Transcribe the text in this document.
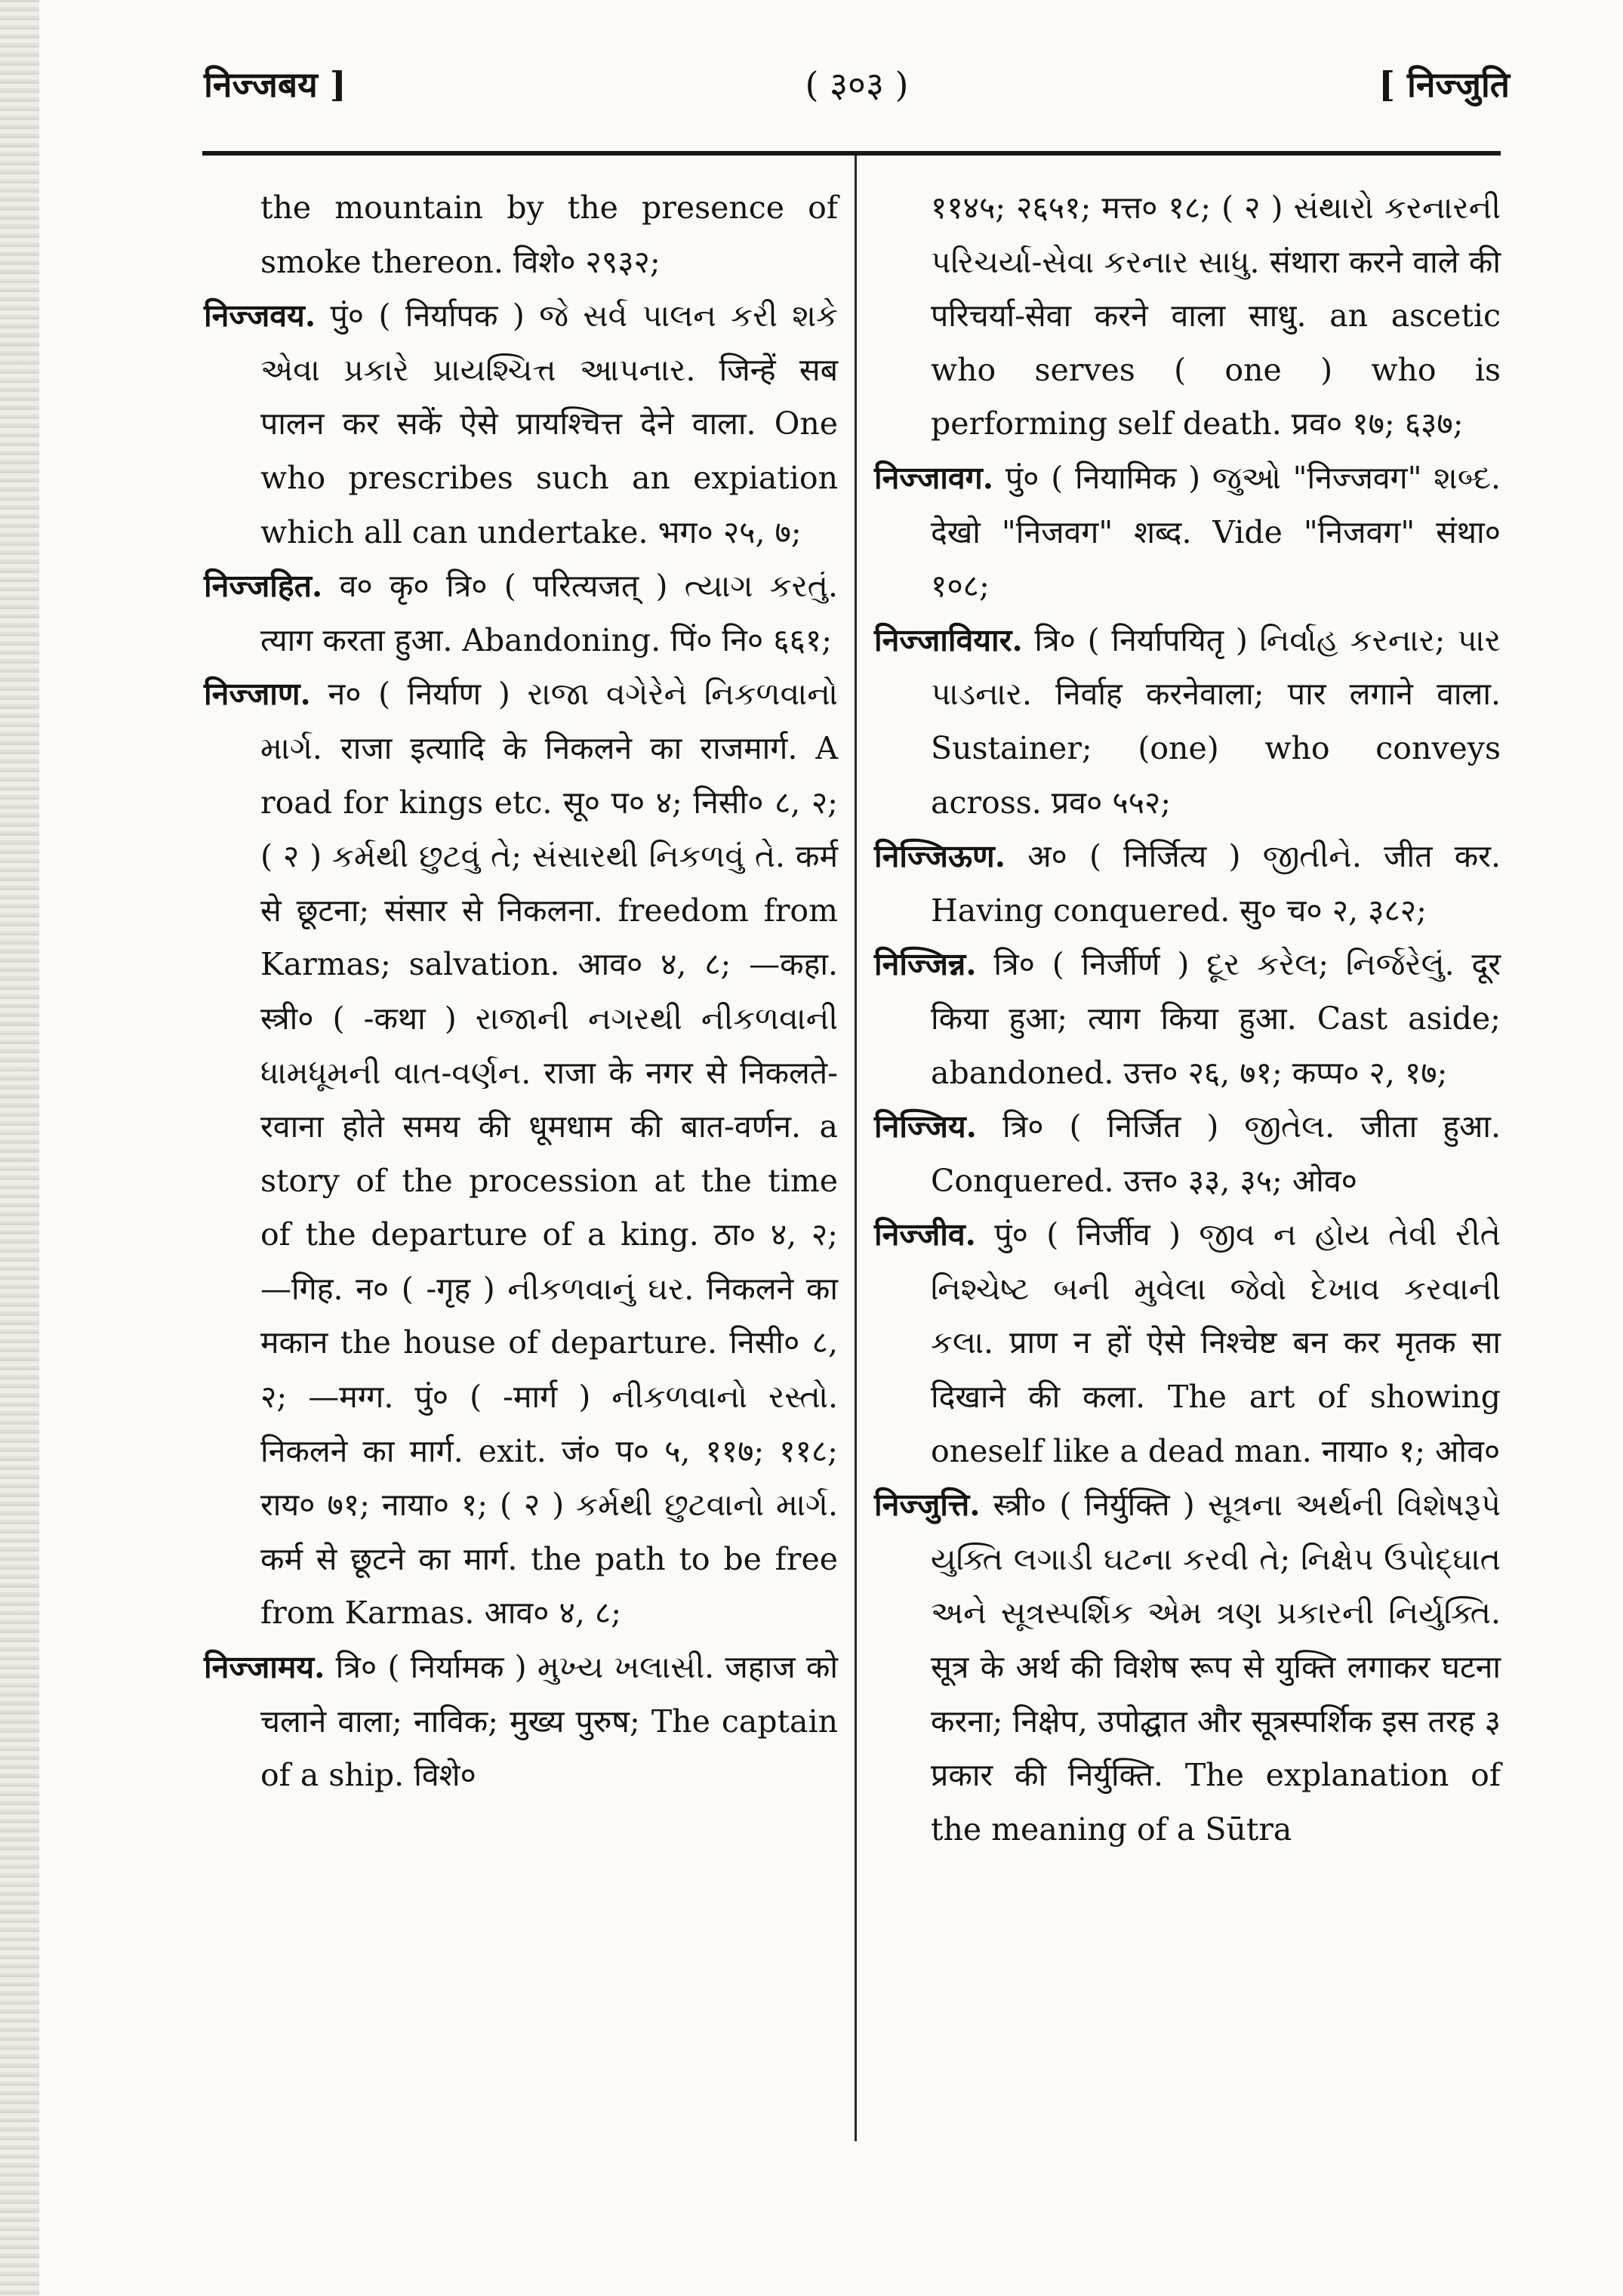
निज्जबय ]	( ३०३ )	[ निज्जुति
the mountain by the presence of smoke thereon. विशे० २९३२;
निज्जवय. पुं० ( निर्यापक ) જે સર્વ પાલન કરી શકે એવા પ્રકારે પ્રાયશ્ચિત્ત આપનાર. जिन्हें सब पालन कर सकें ऐसे प्रायश्चित्त देने वाला. One who prescribes such an expiation which all can undertake. भग० २५, ७;
निज्जहित. व० कृ० त्रि० ( परित्यजत् ) ત્યાગ કરતું. त्याग करता हुआ. Abandoning. पिं० नि० ६६१;
निज्जाण. न० ( निर्याण ) રાજા વગેરેને નિકળવાનો માર્ગ. राजा इत्यादि के निकलने का राजमार्ग. A road for kings etc. सू० प० ४; निसी० ८, २; ( २ ) કર્મથી છુટવું તે; સંસારથી નિકળવું તે. कर्म से छूटना; संसार से निकलना. freedom from Karmas; salvation. आव० ४, ८; —कहा. स्त्री० ( -कथा ) રાજાની નગરથી નીકળવાની ધામધૂમની વાત-વર્ણન. राजा के नगर से निकलते-रवाना होते समय की धूमधाम की बात-वर्णन. a story of the procession at the time of the departure of a king. ठा० ४, २; —गिह. न० ( -गृह ) નીકળવાનું ઘર. निकलने का मकान the house of departure. निसी० ८, २; —मग्ग. पुं० ( -मार्ग ) નીકળવાનો રસ્તો. निकलने का मार्ग. exit. जं० प० ५, ११७; ११८; राय० ७१; नाया० १; ( २ ) કર્મથી છુટવાનો માર્ગ. कर्म से छूटने का मार्ग. the path to be free from Karmas. आव० ४, ८;
निज्जामय. त्रि० ( निर्यामक ) મુખ્ય ખલાસી. जहाज को चलाने वाला; नाविक; मुख्य पुरुष; The captain of a ship. विशे०
११४५; २६५१; मत्त० १८; ( २ ) સંથારો કરનારની પરિચર્યા-સેવા કરનાર સાધુ. संथारा करने वाले की परिचर्या-सेवा करने वाला साधु. an ascetic who serves ( one ) who is performing self death. प्रव० १७; ६३७;
निज्जावग. पुं० ( नियामिक ) જુઓ "निज्जवग" શબ્દ. देखो "निजवग" शब्द. Vide "निजवग" संथा० १०८;
निज्जावियार. त्रि० ( निर्यापयितृ ) નિર્વાહ કરનાર; પાર પાડનાર. निर्वाह करनेवाला; पार लगाने वाला. Sustainer; (one) who conveys across. प्रव० ५५२;
निज्जिऊण. अ० ( निर्जित्य ) જીતીને. जीत कर. Having conquered. सु० च० २, ३८२;
निज्जिन्न. त्रि० ( निर्जीर्ण ) દૂર કરેલ; નિર્જરેલું. दूर किया हुआ; त्याग किया हुआ. Cast aside; abandoned. उत्त० २६, ७१; कप्प० २, १७;
निज्जिय. त्रि० ( निर्जित ) જીતેલ. जीता हुआ. Conquered. उत्त० ३३, ३५; ओव०
निज्जीव. पुं० ( निर्जीव ) જીવ ન હોય તેવી રીતે નિશ્ચેષ્ટ બની મુવેલા જેવો દેખાવ કરવાની કલા. प्राण न हों ऐसे निश्चेष्ट बन कर मृतक सा दिखाने की कला. The art of showing oneself like a dead man. नाया० १; ओव०
निज्जुत्ति. स्त्री० ( निर्युक्ति ) સૂત્રના અર્થની વિશેષરૂપે યુક્તિ લગાડી ઘટના કરવી તે; નિક્ષેપ ઉપોદ્ઘાત અને સૂત્રસ્પર્શિક એમ ત્રણ પ્રકારની નિર્યુક્તિ. सूत्र के अर्थ की विशेष रूप से युक्ति लगाकर घटना करना; निक्षेप, उपोद्घात और सूत्रस्पर्शिक इस तरह ३ प्रकार की निर्युक्ति. The explanation of the meaning of a Sūtra
